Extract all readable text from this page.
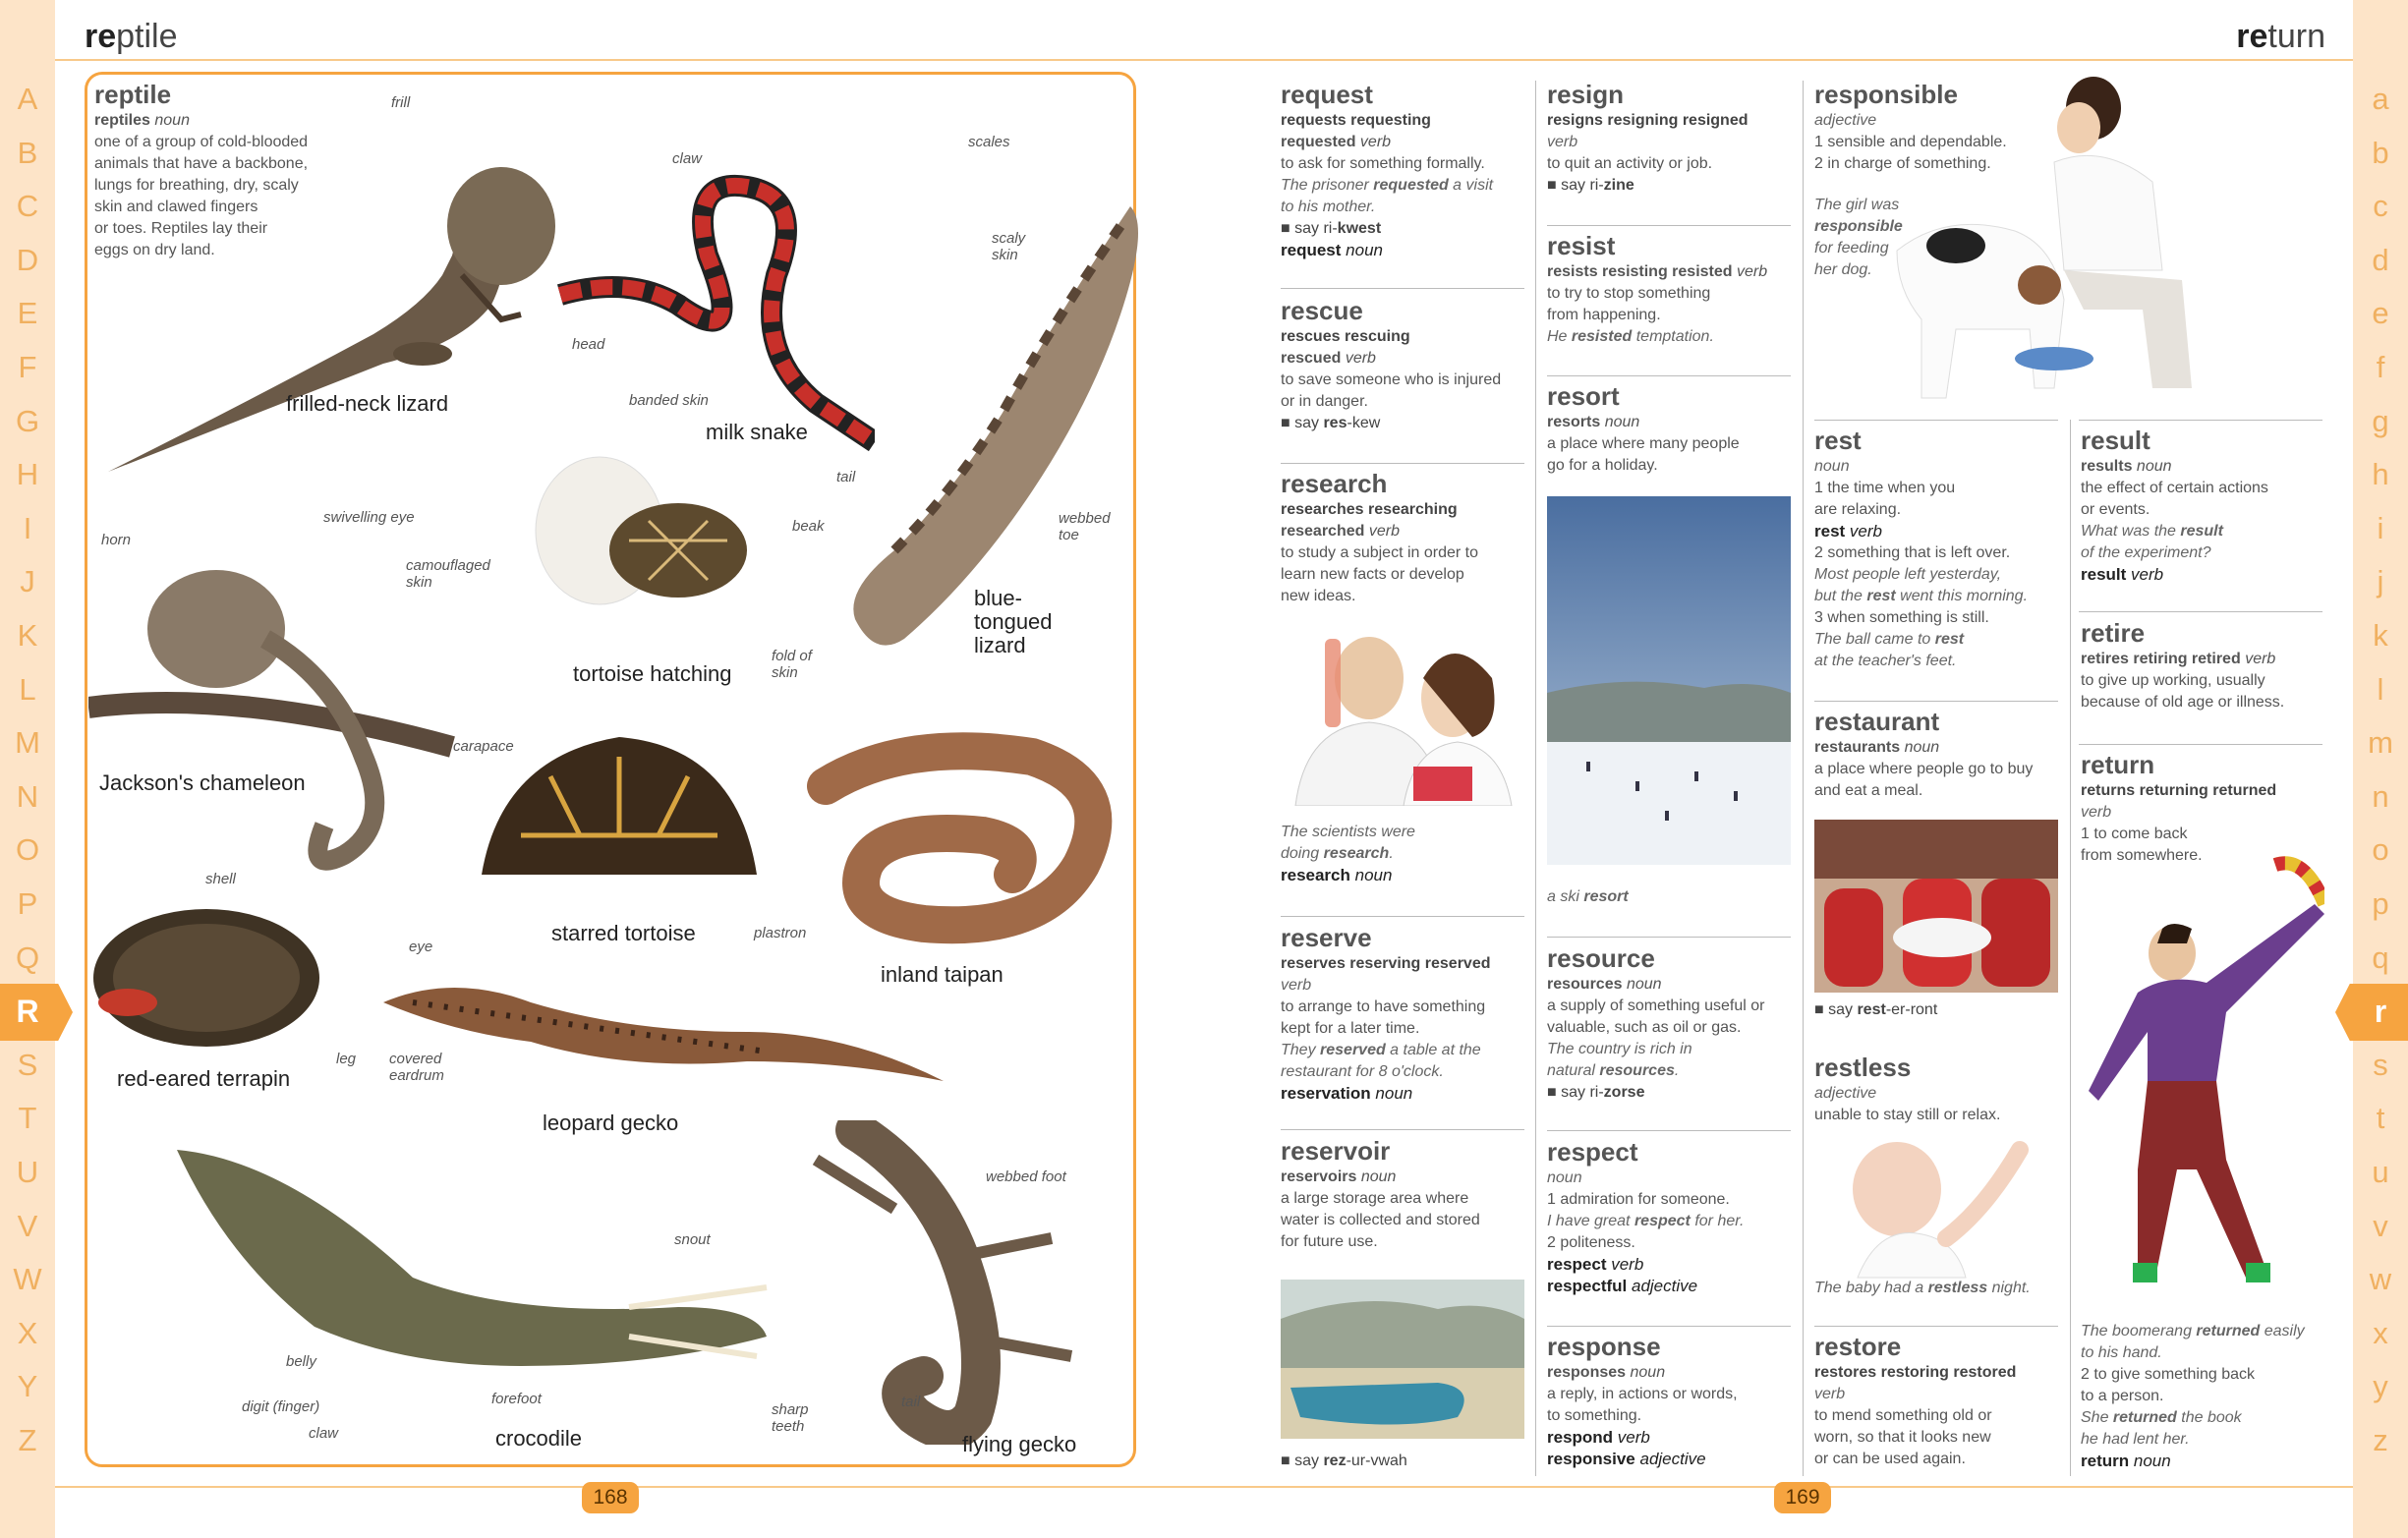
A
B
C
D
E
F
G
H
I
J
K
L
M
N
O
P
Q
S
T
U
V
W
X
Y
Z
a
b
c
d
e
f
g
h
i
j
k
l
m
n
o
p
q
s
t
u
v
w
x
y
z
R	r
reptile	return
168	169
reptile
reptiles noun
one of a group of cold-blooded
animals that have a backbone,
lungs for breathing, dry, scaly
skin and clawed fingers
or toes. Reptiles lay their
eggs on dry land.
frilled-neck lizard
milk snake
blue-tongued lizard
tortoise hatching
Jackson's chameleon
starred tortoise
inland taipan
red-eared terrapin
leopard gecko
crocodile	flying gecko
frill
claw
scales
scaly skin
head
banded skin
tail
webbed toe
horn
swivelling eye
camouflaged skin
beak
fold of skin
carapace
plastron
shell
leg
eye
covered eardrum
webbed foot
snout
belly
forefoot
digit (finger)
claw
sharp teeth
tail
request
requests requesting
requested verb
to ask for something formally.
The prisoner requested a visit
to his mother.
■ say ri-kwest
request noun
rescue
rescues rescuing
rescued verb
to save someone who is injured
or in danger.
■ say res-kew
research
researches researching
researched verb
to study a subject in order to
learn new facts or develop
new ideas.
The scientists were
doing research.
research noun
reserve
reserves reserving reserved
verb
to arrange to have something
kept for a later time.
They reserved a table at the
restaurant for 8 o'clock.
reservation noun
reservoir
reservoirs noun
a large storage area where
water is collected and stored
for future use.
■ say rez-ur-vwah
resign
resigns resigning resigned
verb
to quit an activity or job.
■ say ri-zine
resist
resists resisting resisted verb
to try to stop something
from happening.
He resisted temptation.
resort
resorts noun
a place where many people
go for a holiday.
a ski resort
resource
resources noun
a supply of something useful or
valuable, such as oil or gas.
The country is rich in
natural resources.
■ say ri-zorse
respect
noun
1 admiration for someone.
I have great respect for her.
2 politeness.
respect verb
respectful adjective
response
responses noun
a reply, in actions or words,
to something.
respond verb
responsive adjective
responsible
adjective
1 sensible and dependable.
2 in charge of something.
The girl was
responsible
for feeding
her dog.
rest
noun
1 the time when you
are relaxing.
rest verb
2 something that is left over.
Most people left yesterday,
but the rest went this morning.
3 when something is still.
The ball came to rest
at the teacher's feet.
restaurant
restaurants noun
a place where people go to buy
and eat a meal.
■ say rest-er-ront
restless
adjective
unable to stay still or relax.
The baby had a restless night.
restore
restores restoring restored
verb
to mend something old or
worn, so that it looks new
or can be used again.
result
results noun
the effect of certain actions
or events.
What was the result
of the experiment?
result verb
retire
retires retiring retired verb
to give up working, usually
because of old age or illness.
return
returns returning returned
verb
1 to come back
from somewhere.
The boomerang returned easily
to his hand.
2 to give something back
to a person.
She returned the book
he had lent her.
return noun
